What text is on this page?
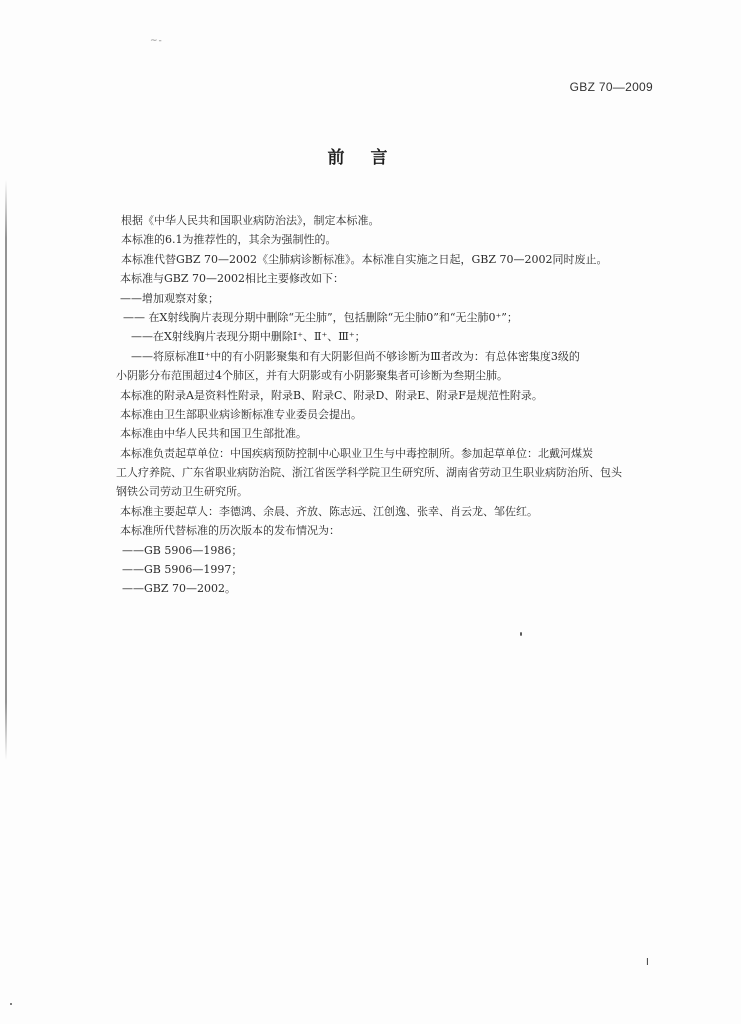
~-
GBZ 70—2009
前言
根据《中华人民共和国职业病防治法》，制定本标准。
本标准的6.1为推荐性的，其余为强制性的。
本标准代替GBZ 70—2002《尘肺病诊断标准》。本标准自实施之日起，GBZ 70—2002同时废止。
本标准与GBZ 70—2002相比主要修改如下：
——增加观察对象；
—— 在X射线胸片表现分期中删除“无尘肺”，包括删除“无尘肺0”和“无尘肺0⁺”；
——在X射线胸片表现分期中删除Ⅰ⁺、Ⅱ⁺、Ⅲ⁺；
——将原标准Ⅱ⁺中的有小阴影聚集和有大阴影但尚不够诊断为Ⅲ者改为：有总体密集度3级的
小阴影分布范围超过4个肺区，并有大阴影或有小阴影聚集者可诊断为叁期尘肺。
本标准的附录A是资料性附录，附录B、附录C、附录D、附录E、附录F是规范性附录。
本标准由卫生部职业病诊断标准专业委员会提出。
本标准由中华人民共和国卫生部批准。
本标准负责起草单位：中国疾病预防控制中心职业卫生与中毒控制所。参加起草单位：北戴河煤炭
工人疗养院、广东省职业病防治院、浙江省医学科学院卫生研究所、湖南省劳动卫生职业病防治所、包头
钢铁公司劳动卫生研究所。
本标准主要起草人：李德鸿、余晨、齐放、陈志远、江创逸、张幸、肖云龙、邹佐红。
本标准所代替标准的历次版本的发布情况为：
——GB 5906—1986；
——GB 5906—1997；
——GBZ 70—2002。
I
